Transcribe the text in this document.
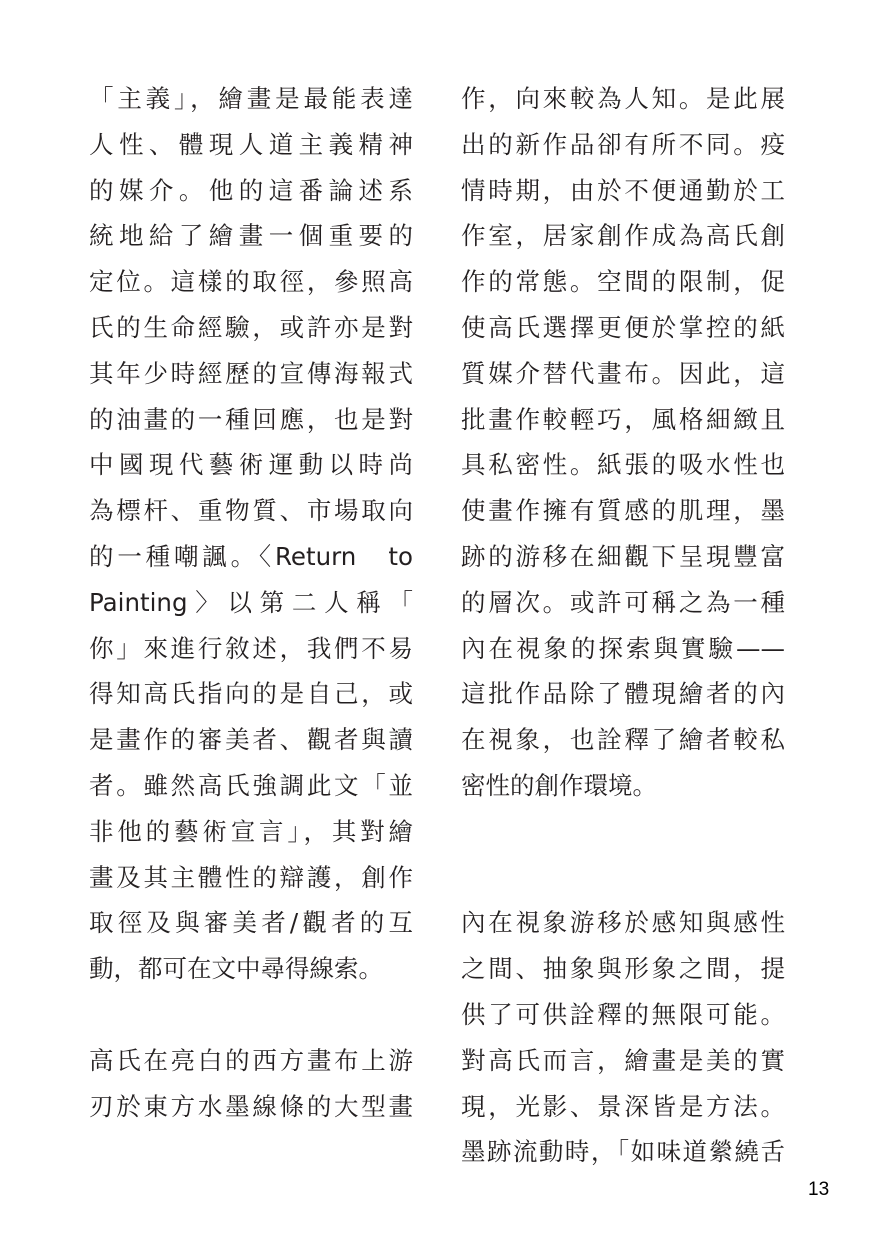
「主義」，繪畫是最能表達
人性、體現人道主義精神
的媒介。他的這番論述系
統地給了繪畫一個重要的
定位。這樣的取徑，參照高
氏的生命經驗，或許亦是對
其年少時經歷的宣傳海報式
的油畫的一種回應，也是對
中國現代藝術運動以時尚
為標杆、重物質、市場取向
的一種嘲諷。〈Return　to
Painting〉以第二人稱「
你」來進行敘述，我們不易
得知高氏指向的是自己，或
是畫作的審美者、觀者與讀
者。雖然高氏強調此文「並
非他的藝術宣言」，其對繪
畫及其主體性的辯護，創作
取徑及與審美者/觀者的互
動，都可在文中尋得線索。
高氏在亮白的西方畫布上游
刃於東方水墨線條的大型畫
作，向來較為人知。是此展
出的新作品卻有所不同。疫
情時期，由於不便通勤於工
作室，居家創作成為高氏創
作的常態。空間的限制，促
使高氏選擇更便於掌控的紙
質媒介替代畫布。因此，這
批畫作較輕巧，風格細緻且
具私密性。紙張的吸水性也
使畫作擁有質感的肌理，墨
跡的游移在細觀下呈現豐富
的層次。或許可稱之為一種
內在視象的探索與實驗——
這批作品除了體現繪者的內
在視象，也詮釋了繪者較私
密性的創作環境。
內在視象游移於感知與感性
之間、抽象與形象之間，提
供了可供詮釋的無限可能。
對高氏而言，繪畫是美的實
現，光影、景深皆是方法。
墨跡流動時，「如味道縈繞舌
13
